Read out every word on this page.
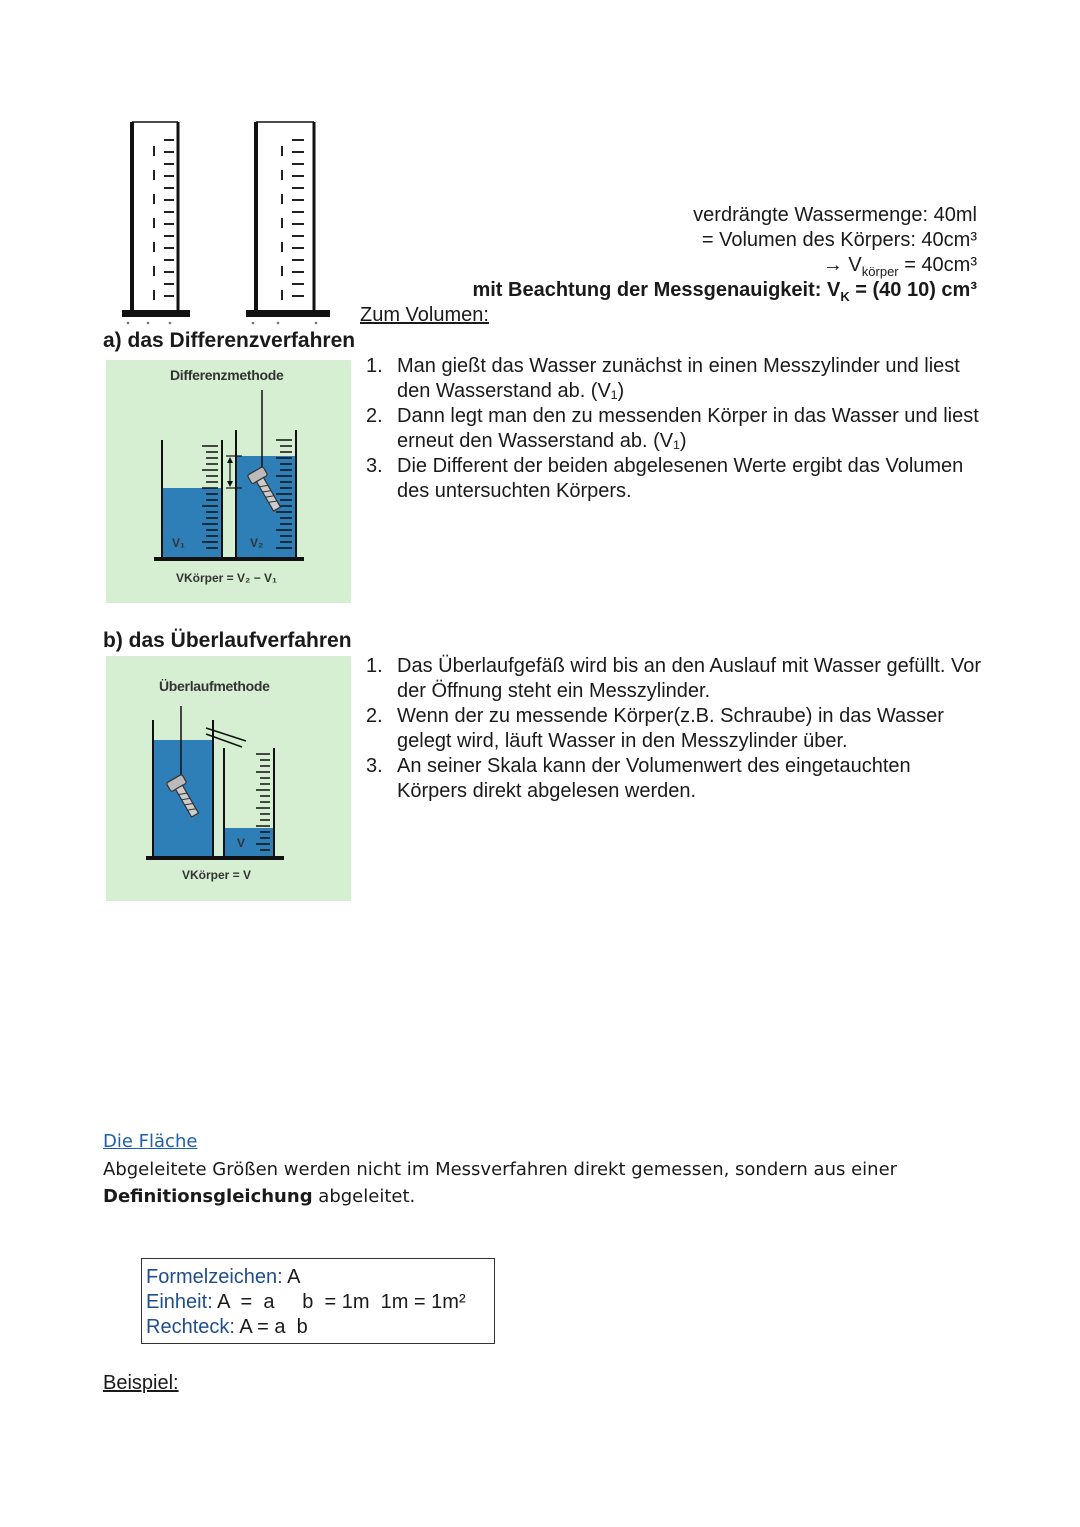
verdrängte Wassermenge: 40ml
= Volumen des Körpers: 40cm³
→ $V_{körper} = 40cm^3$
mit Beachtung der Messgenauigkeit: $V_K = (40$ 10) cm³
Zum Volumen:
a) das Differenzverfahren
Differenzmethode
V₁	V₂
VKörper = V₂ − V₁
1. Man gießt das Wasser zunächst in einen Messzylinder und liest den Wasserstand ab. (V₁)
2. Dann legt man den zu messenden Körper in das Wasser und liest erneut den Wasserstand ab. (V₁)
3. Die Different der beiden abgelesenen Werte ergibt das Volumen des untersuchten Körpers.
b) das Überlaufverfahren
Überlaufmethode
V
VKörper = V
1. Das Überlaufgefäß wird bis an den Auslauf mit Wasser gefüllt. Vor der Öffnung steht ein Messzylinder.
2. Wenn der zu messende Körper(z.B. Schraube) in das Wasser gelegt wird, läuft Wasser in den Messzylinder über.
3. An seiner Skala kann der Volumenwert des eingetauchten Körpers direkt abgelesen werden.
Die Fläche
Abgeleitete Größen werden nicht im Messverfahren direkt gemessen, sondern aus einer
Definitionsgleichung abgeleitet.
Formelzeichen: A
Einheit: A  =  a     b  = 1m  1m = 1m²
Rechteck: A = a  b
Beispiel:
